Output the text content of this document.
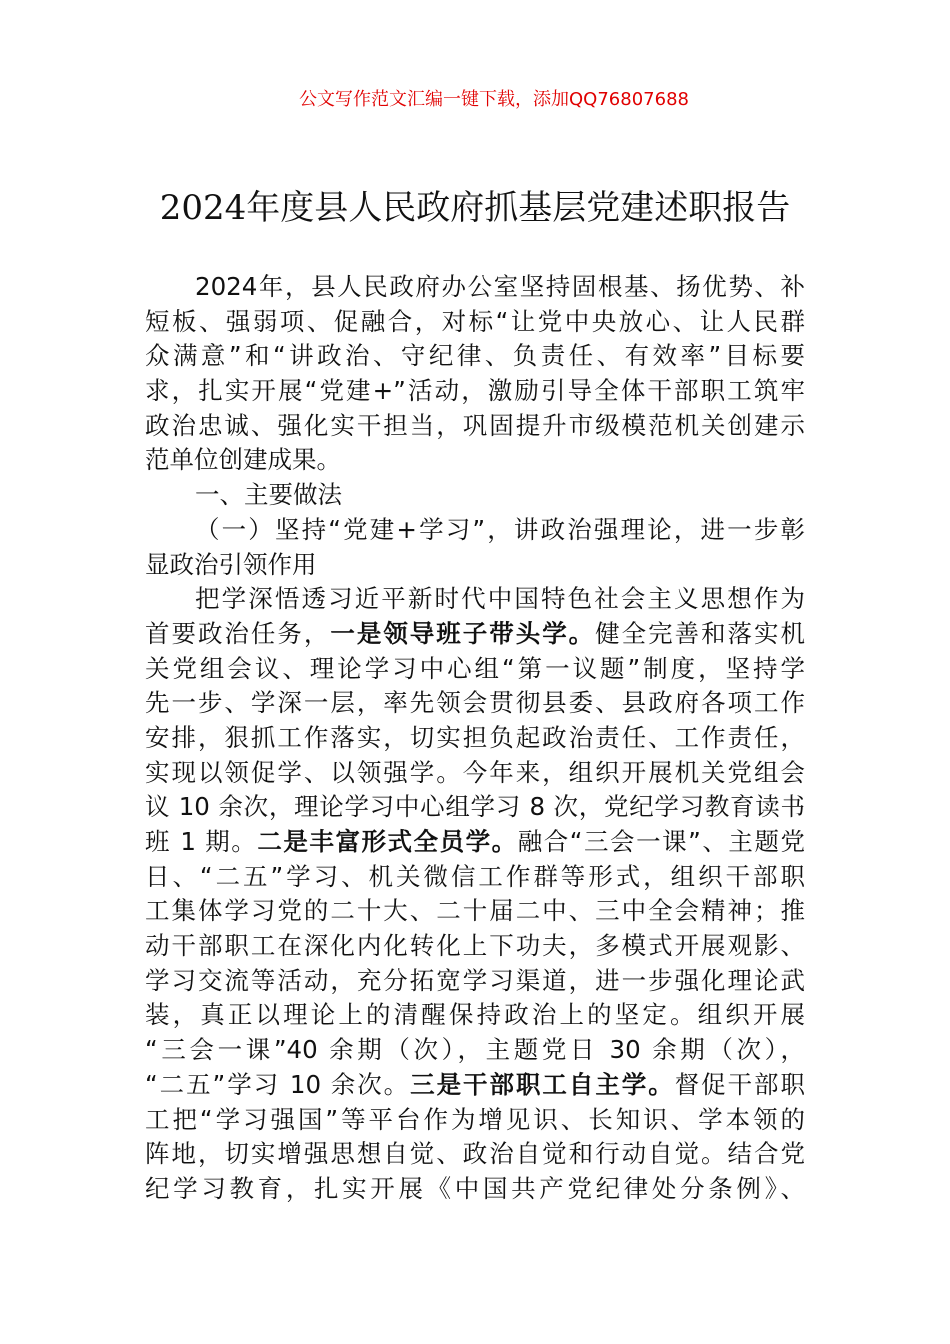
公文写作范文汇编一键下载，添加QQ76807688
2024年度县人民政府抓基层党建述职报告
2024年，县人民政府办公室坚持固根基、扬优势、补
短板、强弱项、促融合，对标“让党中央放心、让人民群
众满意”和“讲政治、守纪律、负责任、有效率”目标要
求，扎实开展“党建+”活动，激励引导全体干部职工筑牢
政治忠诚、强化实干担当，巩固提升市级模范机关创建示
范单位创建成果。
一、主要做法
（一）坚持“党建+学习”，讲政治强理论，进一步彰
显政治引领作用
把学深悟透习近平新时代中国特色社会主义思想作为
首要政治任务，一是领导班子带头学。健全完善和落实机
关党组会议、理论学习中心组“第一议题”制度，坚持学
先一步、学深一层，率先领会贯彻县委、县政府各项工作
安排，狠抓工作落实，切实担负起政治责任、工作责任，
实现以领促学、以领强学。今年来，组织开展机关党组会
议 10 余次，理论学习中心组学习 8 次，党纪学习教育读书
班 1 期。二是丰富形式全员学。融合“三会一课”、主题党
日、“二五”学习、机关微信工作群等形式，组织干部职
工集体学习党的二十大、二十届二中、三中全会精神；推
动干部职工在深化内化转化上下功夫，多模式开展观影、
学习交流等活动，充分拓宽学习渠道，进一步强化理论武
装，真正以理论上的清醒保持政治上的坚定。组织开展
“三会一课”40 余期（次），主题党日 30 余期（次），
“二五”学习 10 余次。三是干部职工自主学。督促干部职
工把“学习强国”等平台作为增见识、长知识、学本领的
阵地，切实增强思想自觉、政治自觉和行动自觉。结合党
纪学习教育，扎实开展《中国共产党纪律处分条例》、
